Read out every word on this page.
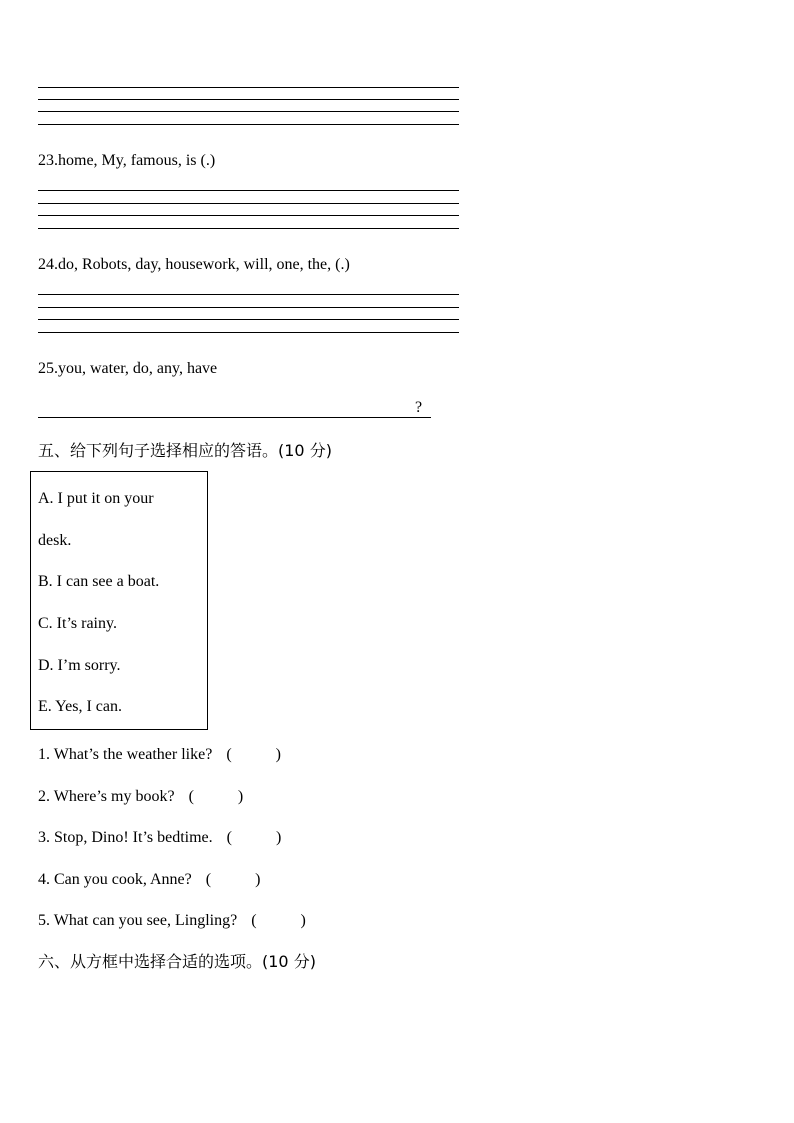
23.home, My, famous, is (.)
24.do, Robots, day, housework, will, one, the, (.)
25.you, water, do, any, have
?
五、给下列句子选择相应的答语。(10 分)
A. I put it on your
desk.
B. I can see a boat.
C. It’s rainy.
D. I’m sorry.
E. Yes, I can.
1. What’s the weather like? (	)
2. Where’s my book? (	)
3. Stop, Dino! It’s bedtime. (	)
4. Can you cook, Anne? (	)
5. What can you see, Lingling? (	)
六、从方框中选择合适的选项。(10 分)
